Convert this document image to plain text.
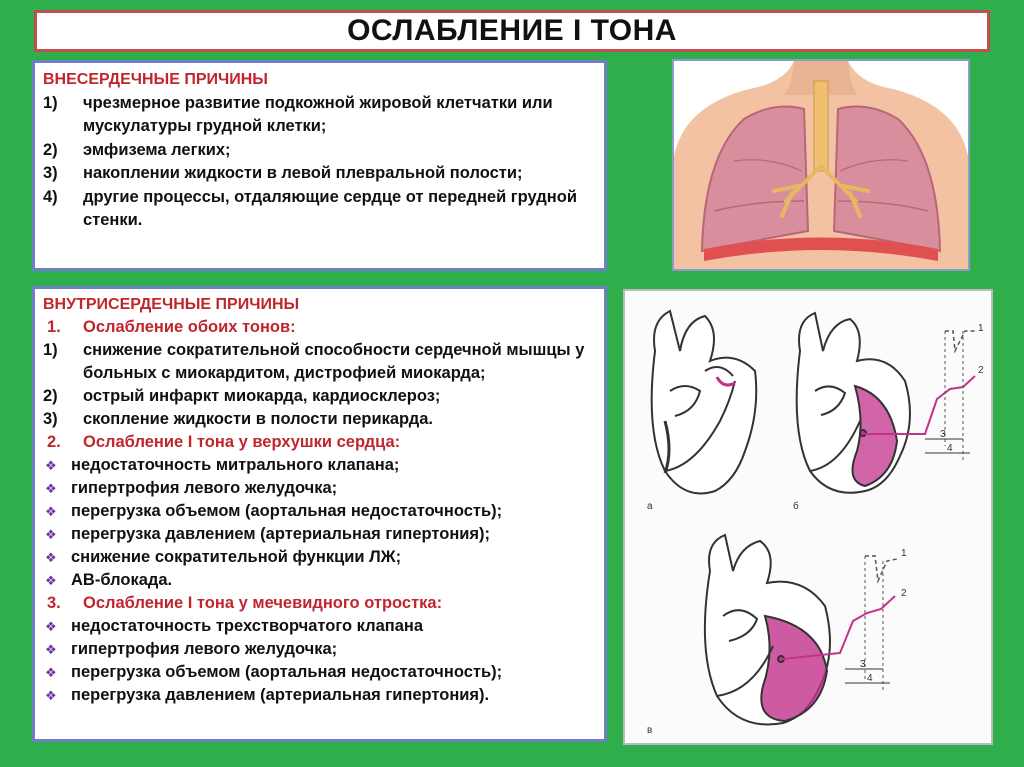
ОСЛАБЛЕНИЕ I ТОНА
ВНЕСЕРДЕЧНЫЕ ПРИЧИНЫ
1)	чрезмерное развитие подкожной жировой клетчатки или мускулатуры грудной клетки;
2)	эмфизема легких;
3)	накоплении жидкости в левой плевральной полости;
4)	другие процессы, отдаляющие сердце от передней грудной стенки.
ВНУТРИСЕРДЕЧНЫЕ ПРИЧИНЫ
1.	Ослабление обоих тонов:
1)	снижение сократительной способности сердечной мышцы у больных с миокардитом, дистрофией миокарда;
2)	острый инфаркт миокарда, кардиосклероз;
3)	скопление жидкости в полости перикарда.
2.	Ослабление I тона у верхушки сердца:
❖ недостаточность митрального клапана;
❖ гипертрофия левого желудочка;
❖ перегрузка объемом (аортальная недостаточность);
❖ перегрузка давлением (артериальная гипертония);
❖ снижение сократительной функции ЛЖ;
❖ АВ-блокада.
3.	Ослабление I тона у мечевидного отростка:
❖ недостаточность трехстворчатого клапана
❖ гипертрофия левого желудочка;
❖ перегрузка объемом (аортальная недостаточность);
❖ перегрузка давлением (артериальная гипертония).
3
4
1
2
а	б
3
4
1
2
в
